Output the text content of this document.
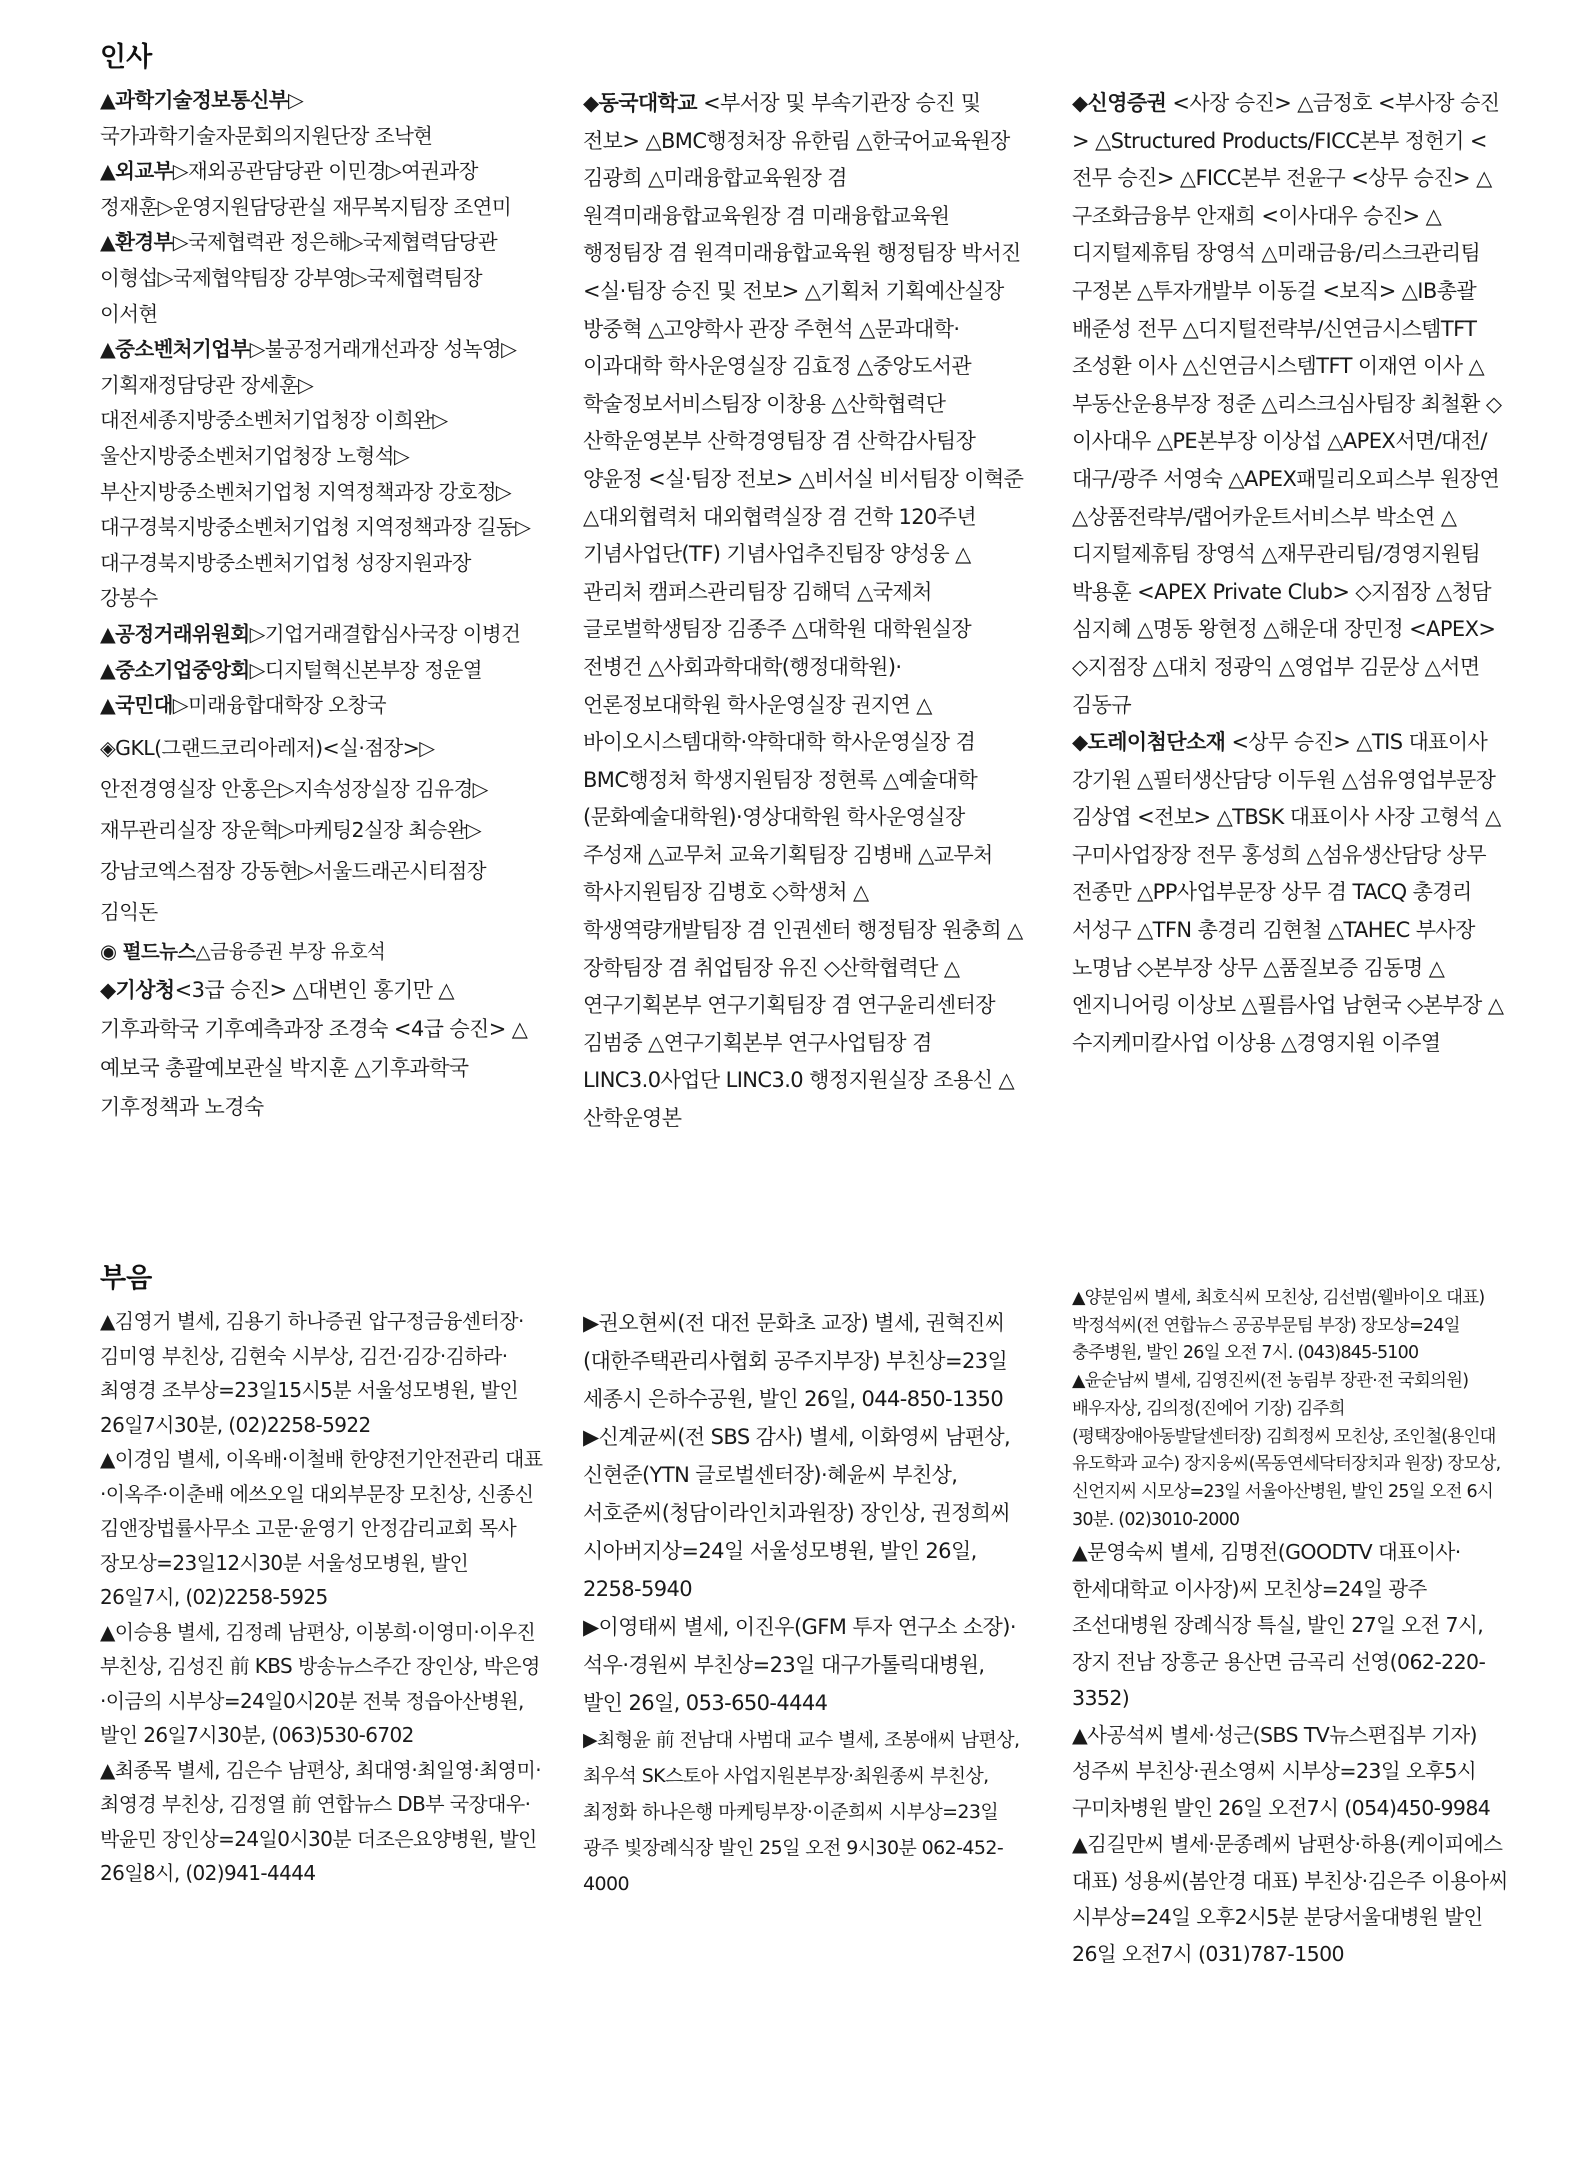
인사

▲과학기술정보통신부▷국가과학기술자문회의지원단장 조낙현

▲외교부▷재외공관담당관 이민경▷여권과장 정재훈▷운영지원담당관실 재무복지팀장 조연미

▲환경부▷국제협력관 정은해▷국제협력담당관 이형섭▷국제협약팀장 강부영▷국제협력팀장 이서현

▲중소벤처기업부▷불공정거래개선과장 성녹영▷기획재정담당관 장세훈▷대전세종지방중소벤처기업청장 이희완▷울산지방중소벤처기업청장 노형석▷부산지방중소벤처기업청 지역정책과장 강호정▷대구경북지방중소벤처기업청 지역정책과장 길동▷대구경북지방중소벤처기업청 성장지원과장 강봉수

▲공정거래위원회▷기업거래결합심사국장 이병건

▲중소기업중앙회▷디지털혁신본부장 정운열

▲국민대▷미래융합대학장 오창국

◈GKL(그랜드코리아레저)<실·점장>▷안전경영실장 안홍은▷지속성장실장 김유경▷재무관리실장 장운혁▷마케팅2실장 최승완▷강남코엑스점장 강동현▷서울드래곤시티점장 김익돈

◉ 펄드뉴스△금융증권 부장 유호석

◆기상청<3급 승진> △대변인 홍기만 △기후과학국 기후예측과장 조경숙 <4급 승진> △예보국 총괄예보관실 박지훈 △기후과학국 기후정책과 노경숙

◆동국대학교 <부서장 및 부속기관장 승진 및 전보> △BMC행정처장 유한림 △한국어교육원장 김광희 △미래융합교육원장 겸 원격미래융합교육원장 겸 미래융합교육원 행정팀장 겸 원격미래융합교육원 행정팀장 박서진 <실·팀장 승진 및 전보> △기획처 기획예산실장 방중혁 △고양학사 관장 주현석 △문과대학·이과대학 학사운영실장 김효정 △중앙도서관 학술정보서비스팀장 이창용 △산학협력단 산학운영본부 산학경영팀장 겸 산학감사팀장 양윤정 <실·팀장 전보> △비서실 비서팀장 이혁준 △대외협력처 대외협력실장 겸 건학 120주년 기념사업단(TF) 기념사업추진팀장 양성웅 △관리처 캠퍼스관리팀장 김해덕 △국제처 글로벌학생팀장 김종주 △대학원 대학원실장 전병건 △사회과학대학(행정대학원)·언론정보대학원 학사운영실장 권지연 △바이오시스템대학·약학대학 학사운영실장 겸 BMC행정처 학생지원팀장 정현록 △예술대학(문화예술대학원)·영상대학원 학사운영실장 주성재 △교무처 교육기획팀장 김병배 △교무처 학사지원팀장 김병호 ◇학생처 △학생역량개발팀장 겸 인권센터 행정팀장 원충희 △장학팀장 겸 취업팀장 유진 ◇산학협력단 △연구기획본부 연구기획팀장 겸 연구윤리센터장 김범중 △연구기획본부 연구사업팀장 겸 LINC3.0사업단 LINC3.0 행정지원실장 조용신 △산학운영본

◆신영증권 <사장 승진> △금정호 <부사장 승진> △Structured Products/FICC본부 정헌기 <전무 승진> △FICC본부 전윤구 <상무 승진> △구조화금융부 안재희 <이사대우 승진> △디지털제휴팀 장영석 △미래금융/리스크관리팀 구정본 △투자개발부 이동걸 <보직> △IB총괄 배준성 전무 △디지털전략부/신연금시스템TFT 조성환 이사 △신연금시스템TFT 이재연 이사 △부동산운용부장 정준 △리스크심사팀장 최철환 ◇이사대우 △PE본부장 이상섭 △APEX서면/대전/대구/광주 서영숙 △APEX패밀리오피스부 원장연 △상품전략부/랩어카운트서비스부 박소연 △디지털제휴팀 장영석 △재무관리팀/경영지원팀 박용훈 <APEX Private Club> ◇지점장 △청담 심지혜 △명동 왕현정 △해운대 장민정 <APEX> ◇지점장 △대치 정광익 △영업부 김문상 △서면 김동규

◆도레이첨단소재 <상무 승진> △TIS 대표이사 강기원 △필터생산담당 이두원 △섬유영업부문장 김상엽 <전보> △TBSK 대표이사 사장 고형석 △구미사업장장 전무 홍성희 △섬유생산담당 상무 전종만 △PP사업부문장 상무 겸 TACQ 총경리 서성구 △TFN 총경리 김현철 △TAHEC 부사장 노명남 ◇본부장 상무 △품질보증 김동명 △엔지니어링 이상보 △필름사업 남현국 ◇본부장 △수지케미칼사업 이상용 △경영지원 이주열

부음

▲김영거 별세, 김용기 하나증권 압구정금융센터장·김미영 부친상, 김현숙 시부상, 김건·김강·김하라·최영경 조부상=23일15시5분 서울성모병원, 발인 26일7시30분, (02)2258-5922

▲이경임 별세, 이옥배·이철배 한양전기안전관리 대표·이옥주·이춘배 에쓰오일 대외부문장 모친상, 신종신 김앤장법률사무소 고문·윤영기 안정감리교회 목사 장모상=23일12시30분 서울성모병원, 발인 26일7시, (02)2258-5925

▲이승용 별세, 김정례 남편상, 이봉희·이영미·이우진 부친상, 김성진 前 KBS 방송뉴스주간 장인상, 박은영·이금의 시부상=24일0시20분 전북 정읍아산병원, 발인 26일7시30분, (063)530-6702

▲최종목 별세, 김은수 남편상, 최대영·최일영·최영미·최영경 부친상, 김정열 前 연합뉴스 DB부 국장대우·박윤민 장인상=24일0시30분 더조은요양병원, 발인 26일8시, (02)941-4444

▶권오현씨(전 대전 문화초 교장) 별세, 권혁진씨(대한주택관리사협회 공주지부장) 부친상=23일 세종시 은하수공원, 발인 26일, 044-850-1350

▶신계균씨(전 SBS 감사) 별세, 이화영씨 남편상, 신현준(YTN 글로벌센터장)·혜윤씨 부친상, 서호준씨(청담이라인치과원장) 장인상, 권정희씨 시아버지상=24일 서울성모병원, 발인 26일, 2258-5940

▶이영태씨 별세, 이진우(GFM 투자 연구소 소장)·석우·경원씨 부친상=23일 대구가톨릭대병원, 발인 26일, 053-650-4444

▶최형윤 前 전남대 사범대 교수 별세, 조봉애씨 남편상, 최우석 SK스토아 사업지원본부장·최원종씨 부친상, 최정화 하나은행 마케팅부장·이준희씨 시부상=23일 광주 빛장례식장 발인 25일 오전 9시30분 062-452-4000

▲양분임씨 별세, 최호식씨 모친상, 김선범(웰바이오 대표) 박정석씨(전 연합뉴스 공공부문팀 부장) 장모상=24일 충주병원, 발인 26일 오전 7시. (043)845-5100

▲윤순남씨 별세, 김영진씨(전 농림부 장관·전 국회의원) 배우자상, 김의정(진에어 기장) 김주희(평택장애아동발달센터장) 김희정씨 모친상, 조인철(용인대 유도학과 교수) 장지웅씨(목동연세닥터장치과 원장) 장모상, 신언지씨 시모상=23일 서울아산병원, 발인 25일 오전 6시 30분. (02)3010-2000

▲문영숙씨 별세, 김명전(GOODTV 대표이사·한세대학교 이사장)씨 모친상=24일 광주 조선대병원 장례식장 특실, 발인 27일 오전 7시, 장지 전남 장흥군 용산면 금곡리 선영(062-220-3352)

▲사공석씨 별세·성근(SBS TV뉴스편집부 기자) 성주씨 부친상·권소영씨 시부상=23일 오후5시 구미차병원 발인 26일 오전7시 (054)450-9984

▲김길만씨 별세·문종례씨 남편상·하용(케이피에스 대표) 성용씨(봄안경 대표) 부친상·김은주 이용아씨 시부상=24일 오후2시5분 분당서울대병원 발인 26일 오전7시 (031)787-1500
